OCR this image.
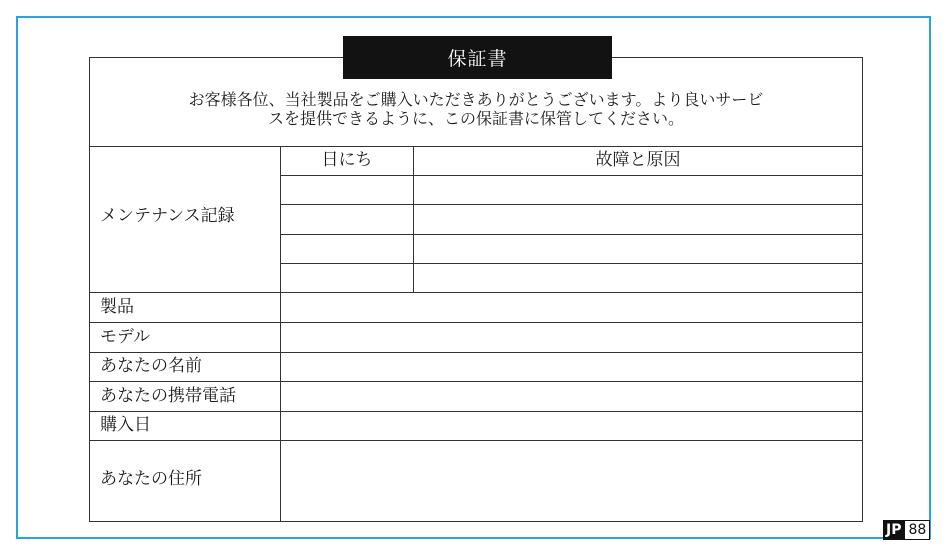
お客様各位、当社製品をご購入いただきありがとうございます。より良いサービ
スを提供できるように、この保証書に保管してください。
メンテナンス記録
日にち	故障と原因
製品
モデル
あなたの名前
あなたの携帯電話
購入日
あなたの住所
保証書
JP 88
